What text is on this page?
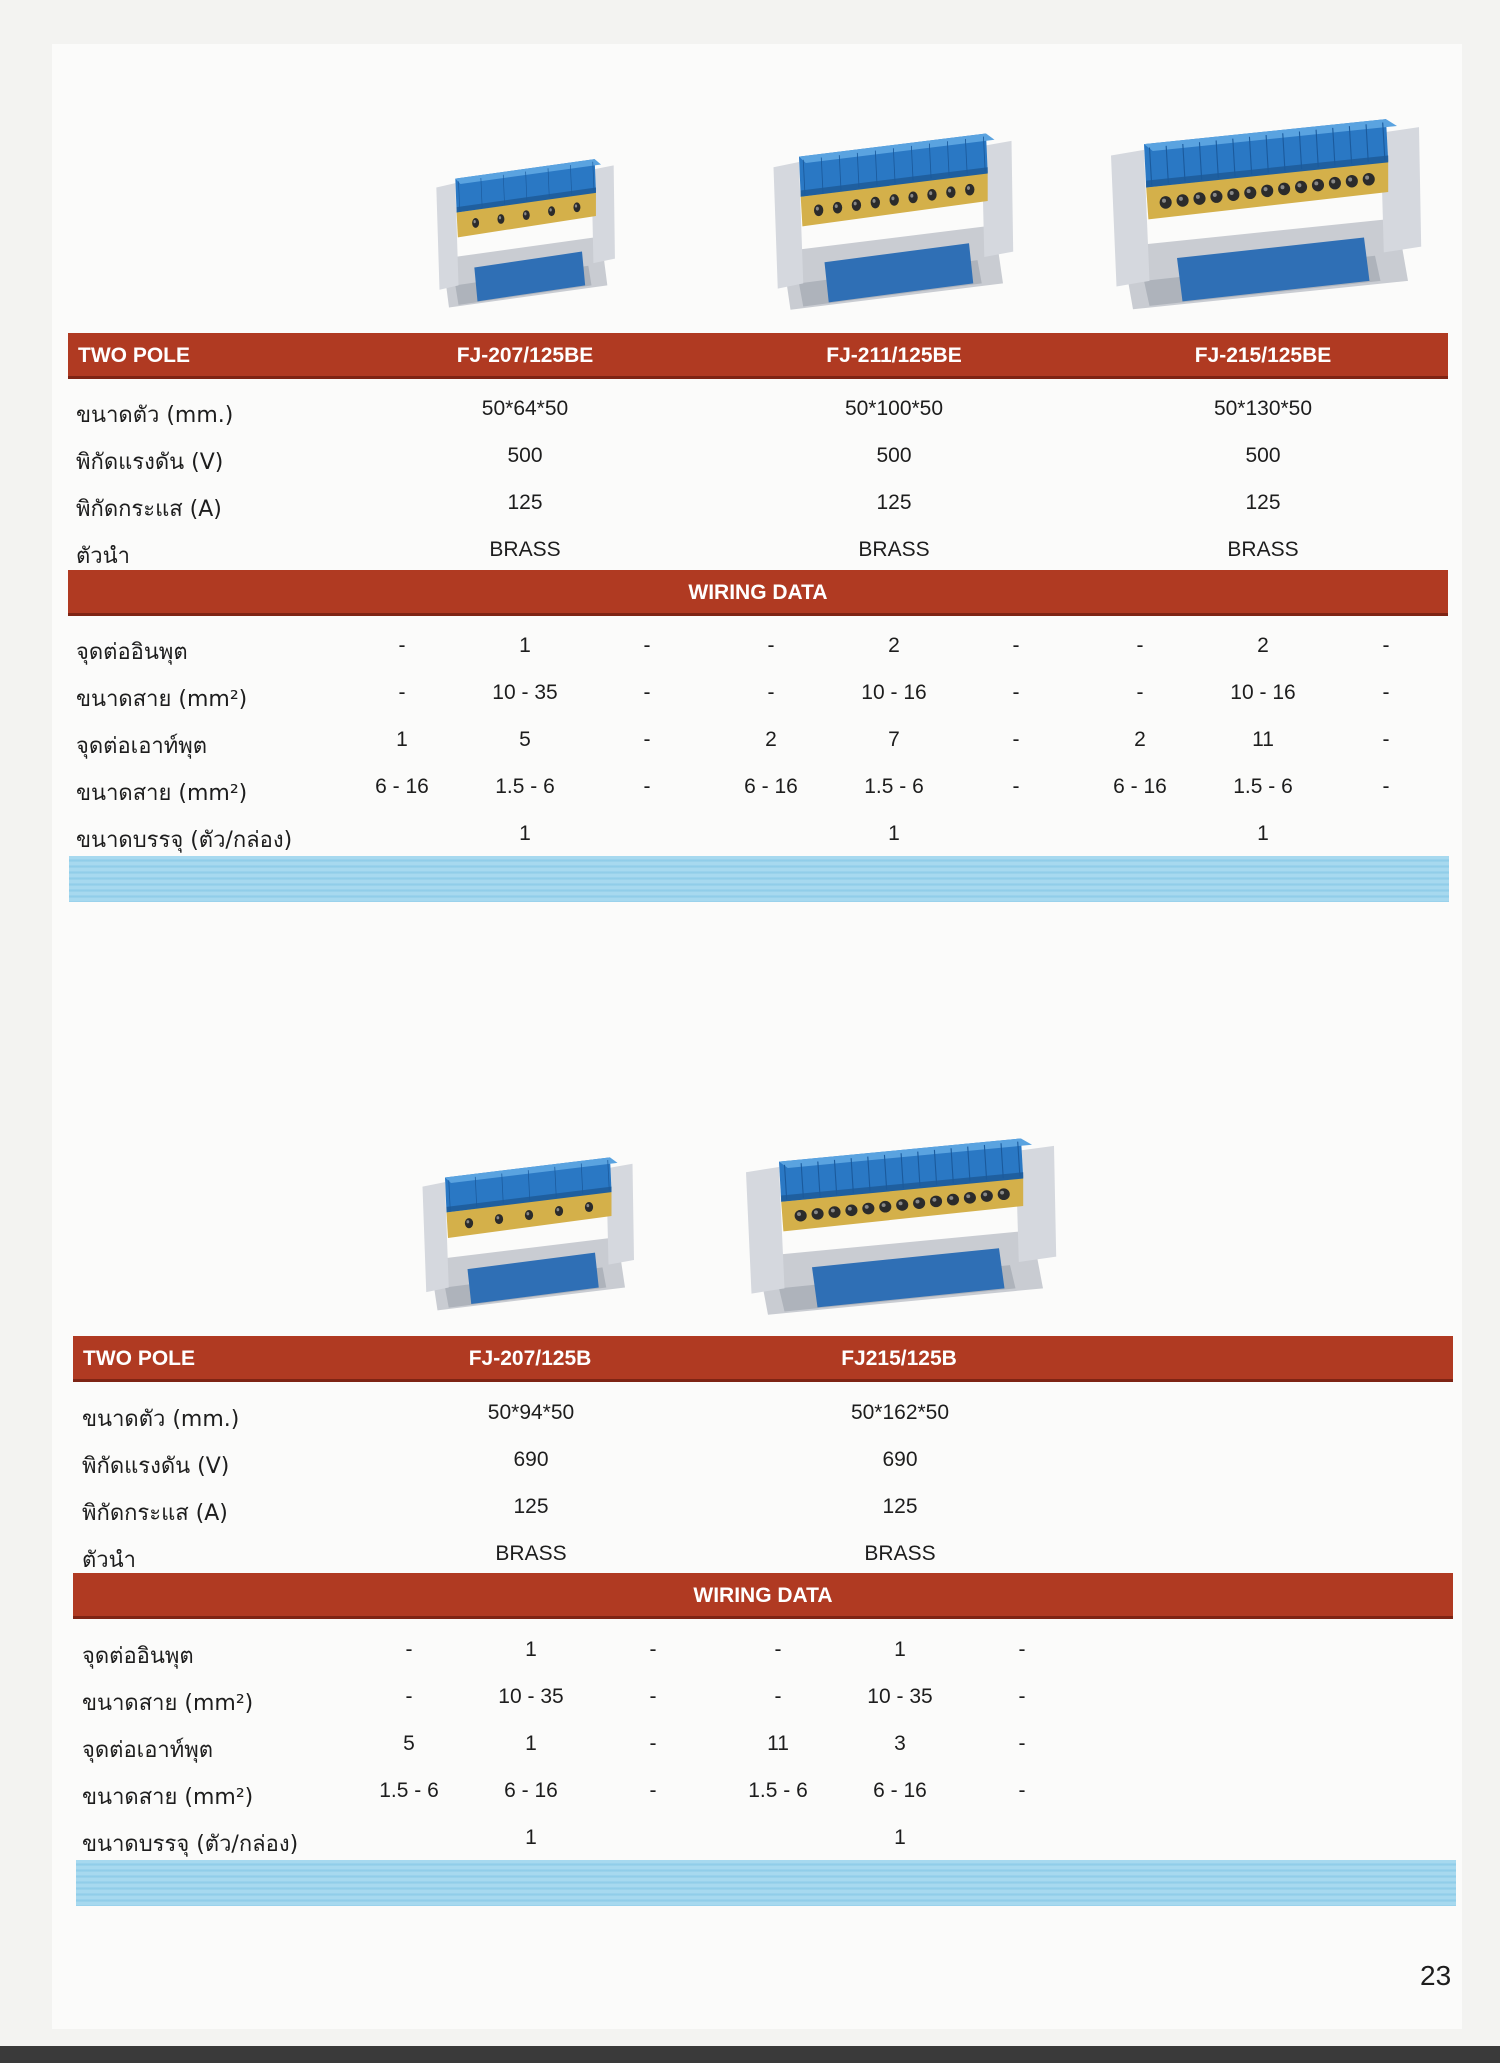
TWO POLE	FJ-207/125BE	FJ-211/125BE	FJ-215/125BE
ขนาดตัว (mm.)	50*64*50	50*100*50	50*130*50
พิกัดแรงดัน (V)	500	500	500
พิกัดกระแส (A)	125	125	125
ตัวนำ	BRASS	BRASS	BRASS
WIRING DATA
จุดต่ออินพุต	-	1	-	-	2	-	-	2	-
ขนาดสาย (mm²)	-	10 - 35	-	-	10 - 16	-	-	10 - 16	-
จุดต่อเอาท์พุต	1	5	-	2	7	-	2	11	-
ขนาดสาย (mm²)	6 - 16	1.5 - 6	-	6 - 16	1.5 - 6	-	6 - 16	1.5 - 6	-
ขนาดบรรจุ (ตัว/กล่อง)	1	1	1
TWO POLE	FJ-207/125B	FJ215/125B
ขนาดตัว (mm.)	50*94*50	50*162*50
พิกัดแรงดัน (V)	690	690
พิกัดกระแส (A)	125	125
ตัวนำ	BRASS	BRASS
WIRING DATA
จุดต่ออินพุต	-	1	-	-	1	-
ขนาดสาย (mm²)	-	10 - 35	-	-	10 - 35	-
จุดต่อเอาท์พุต	5	1	-	11	3	-
ขนาดสาย (mm²)	1.5 - 6	6 - 16	-	1.5 - 6	6 - 16	-
ขนาดบรรจุ (ตัว/กล่อง)	1	1
23
